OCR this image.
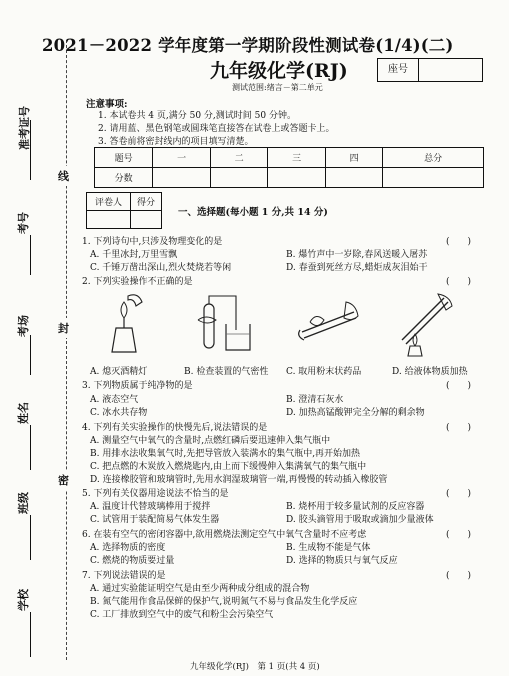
准考证号
考号
考场
姓名
班级
学校
线
封
密
2021－2022 学年度第一学期阶段性测试卷(1/4)(二)
九年级化学(RJ)
测试范围:绪言－第二单元
座号
注意事项:
1. 本试卷共 4 页,满分 50 分,测试时间 50 分钟。
2. 请用蓝、黑色钢笔或圆珠笔直接答在试卷上或答题卡上。
3. 答卷前将密封线内的项目填写清楚。
题号	一	二	三	四	总分
分数					
评卷人	得分

一、选择题(每小题 1 分,共 14 分)
1. 下列诗句中,只涉及物理变化的是	(　　)
A. 千里冰封,万里雪飘	B. 爆竹声中一岁除,春风送暖入屠苏
C. 千锤万凿出深山,烈火焚烧若等闲	D. 春蚕到死丝方尽,蜡炬成灰泪始干
2. 下列实验操作不正确的是	(　　)
A. 熄灭酒精灯	B. 检查装置的气密性 C. 取用粉末状药品	D. 给液体物质加热
3. 下列物质属于纯净物的是	(　　)
A. 液态空气	B. 澄清石灰水
C. 冰水共存物	D. 加热高锰酸钾完全分解的剩余物
4. 下列有关实验操作的快慢先后,说法错误的是	(　　)
A. 测量空气中氧气的含量时,点燃红磷后要迅速伸入集气瓶中
B. 用排水法收集氧气时,先把导管放入装满水的集气瓶中,再开始加热
C. 把点燃的木炭放入燃烧匙内,由上而下缓慢伸入集满氧气的集气瓶中
D. 连接橡胶管和玻璃管时,先用水润湿玻璃管一端,再慢慢的转动插入橡胶管
5. 下列有关仪器用途说法不恰当的是	(　　)
A. 温度计代替玻璃棒用于搅拌	B. 烧杯用于较多量试剂的反应容器
C. 试管用于装配简易气体发生器	D. 胶头滴管用于吸取或滴加少量液体
6. 在装有空气的密闭容器中,欲用燃烧法测定空气中氧气含量时不应考虑	(　　)
A. 选择物质的密度	B. 生成物不能是气体
C. 燃烧的物质要过量	D. 选择的物质只与氧气反应
7. 下列说法错误的是	(　　)
A. 通过实验能证明空气是由至少两种成分组成的混合物
B. 氮气能用作食品保鲜的保护气,说明氮气不易与食品发生化学反应
C. 工厂排放到空气中的废气和粉尘会污染空气
九年级化学(RJ)　第 1 页(共 4 页)
